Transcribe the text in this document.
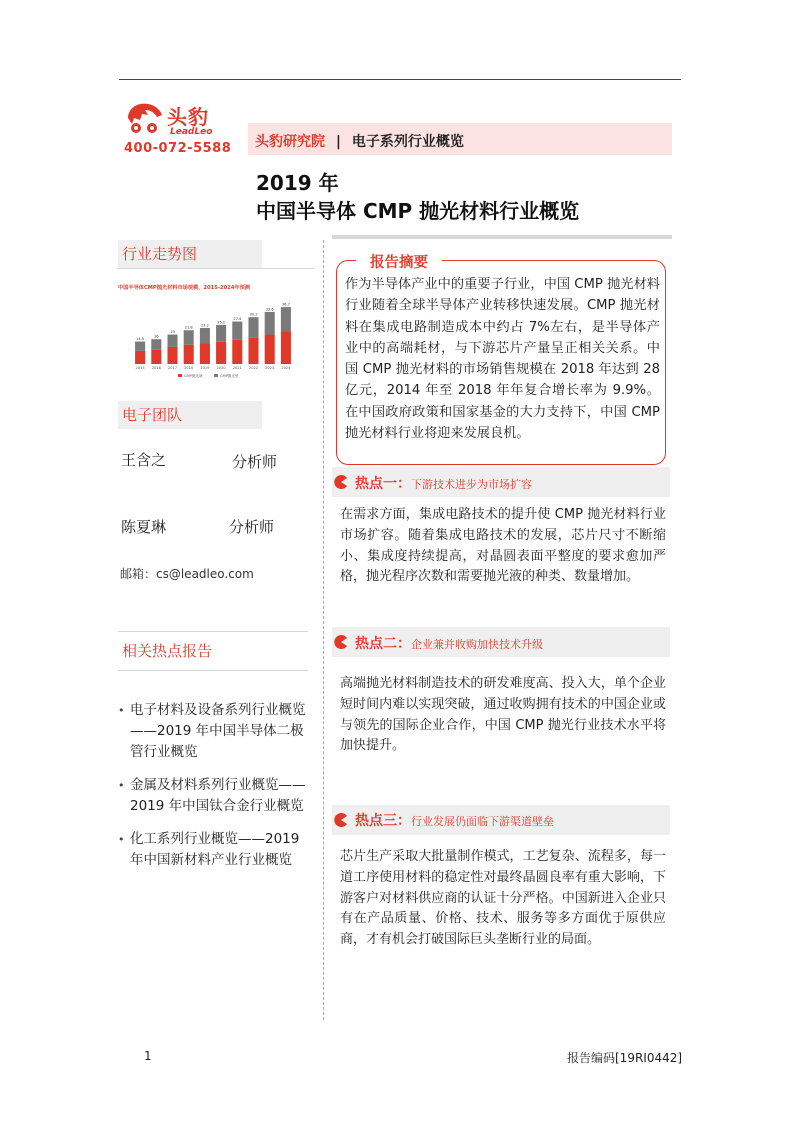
头豹
LeadLeo
400-072-5588 头豹研究院 | 电子系列行业概览
2019 年
中国半导体 CMP 抛光材料行业概览
行业走势图
中国半导体CMP抛光材料市场规模，2015-2024年预测
CMP抛光液	CMP抛光垫
14.5
2015
16
2016
19
2017
21.8
2018
23.2
2019
25.2
2020
27.4
2021
30.2
2022
33.6
2023
36.7
2024
电子团队
王含之	分析师
陈夏琳	分析师
邮箱：cs@leadleo.com
相关热点报告
• 电子材料及设备系列行业概览——2019 年中国半导体二极管行业概览
• 金属及材料系列行业概览——2019 年中国钛合金行业概览
• 化工系列行业概览——2019 年中国新材料产业行业概览
报告摘要
作为半导体产业中的重要子行业，中国 CMP 抛光材料行业随着全球半导体产业转移快速发展。CMP 抛光材料在集成电路制造成本中约占 7%左右，是半导体产业中的高端耗材，与下游芯片产量呈正相关关系。中国 CMP 抛光材料的市场销售规模在 2018 年达到 28 亿元，2014 年至 2018 年年复合增长率为 9.9%。在中国政府政策和国家基金的大力支持下，中国 CMP 抛光材料行业将迎来发展良机。
热点一：下游技术进步为市场扩容
在需求方面，集成电路技术的提升使 CMP 抛光材料行业市场扩容。随着集成电路技术的发展，芯片尺寸不断缩小、集成度持续提高，对晶圆表面平整度的要求愈加严格，抛光程序次数和需要抛光液的种类、数量增加。
热点二：企业兼并收购加快技术升级
高端抛光材料制造技术的研发难度高、投入大，单个企业短时间内难以实现突破，通过收购拥有技术的中国企业或与领先的国际企业合作，中国 CMP 抛光行业技术水平将加快提升。
热点三：行业发展仍面临下游渠道壁垒
芯片生产采取大批量制作模式，工艺复杂、流程多，每一道工序使用材料的稳定性对最终晶圆良率有重大影响，下游客户对材料供应商的认证十分严格。中国新进入企业只有在产品质量、价格、技术、服务等多方面优于原供应商，才有机会打破国际巨头垄断行业的局面。
1	报告编码[19RI0442]
